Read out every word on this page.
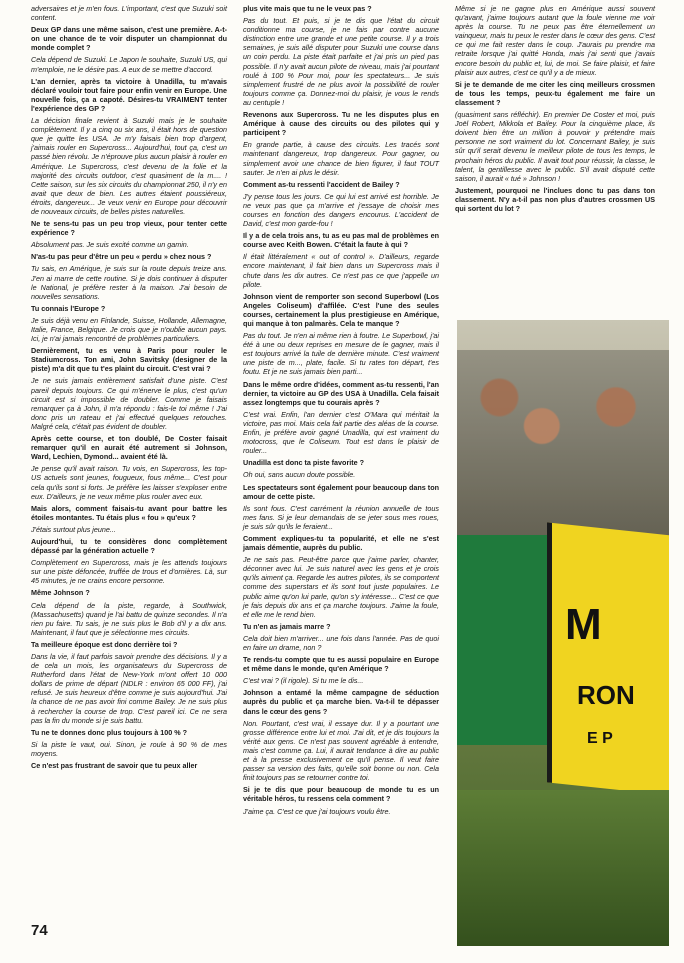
adversaires et je m'en fous. L'important, c'est que Suzuki soit content.

Deux GP dans une même saison, c'est une première. A-t-on une chance de te voir disputer un championnat du monde complet ?

Cela dépend de Suzuki. Le Japon le souhaite, Suzuki US, qui m'emploie, ne le désire pas. A eux de se mettre d'accord.

L'an dernier, après ta victoire à Unadilla, tu m'avais déclaré vouloir tout faire pour enfin venir en Europe. Une nouvelle fois, ça a capoté. Désires-tu VRAIMENT tenter l'expérience des GP ?

La décision finale revient à Suzuki mais je le souhaite complètement. Il y a cinq ou six ans, il était hors de question que je quitte les USA. Je m'y faisais bien trop d'argent, j'aimais rouler en Supercross... Aujourd'hui, tout ça, c'est un passé bien révolu. Je n'éprouve plus aucun plaisir à rouler en Amérique. Le Supercross, c'est devenu de la folie et la majorité des circuits outdoor, c'est quasiment de la m.... ! Cette saison, sur les six circuits du championnat 250, il n'y en avait que deux de bien. Les autres étaient poussiéreux, étroits, dangereux... Je veux venir en Europe pour découvrir de nouveaux circuits, de belles pistes naturelles.

Ne te sens-tu pas un peu trop vieux, pour tenter cette expérience ?

Absolument pas. Je suis excité comme un gamin.

N'as-tu pas peur d'être un peu « perdu » chez nous ?

Tu sais, en Amérique, je suis sur la route depuis treize ans. J'en ai marre de cette routine. Si je dois continuer à disputer le National, je préfère rester à la maison. J'ai besoin de nouvelles sensations.

Tu connais l'Europe ?

Je suis déjà venu en Finlande, Suisse, Hollande, Allemagne, Italie, France, Belgique. Je crois que je n'oublie aucun pays. Ici, je n'ai jamais rencontré de problèmes particuliers.

Dernièrement, tu es venu à Paris pour rouler le Stadiumcross. Ton ami, John Savitsky (designer de la piste) m'a dit que tu t'es plaint du circuit. C'est vrai ?

Je ne suis jamais entièrement satisfait d'une piste. C'est pareil depuis toujours. Ce qui m'énerve le plus, c'est qu'un circuit est si impossible de doubler. Comme je faisais remarquer ça à John, il m'a répondu : fais-le toi même ! J'ai donc pris un rateau et j'ai effectué quelques retouches. Malgré cela, c'était pas évident de doubler.

Après cette course, et ton doublé, De Coster faisait remarquer qu'il en aurait été autrement si Johnson, Ward, Lechien, Dymond... avaient été là.

Je pense qu'il avait raison. Tu vois, en Supercross, les top-US actuels sont jeunes, fougueux, fous même... C'est pour cela qu'ils sont si forts. Je préfère les laisser s'exploser entre eux. D'ailleurs, je ne veux même plus rouler avec eux.

Mais alors, comment faisais-tu avant pour battre les étoiles montantes. Tu étais plus « fou » qu'eux ?

J'étais surtout plus jeune...

Aujourd'hui, tu te considères donc complètement dépassé par la génération actuelle ?

Complètement en Supercross, mais je les attends toujours sur une piste défoncée, truffée de trous et d'ornières. Là, sur 45 minutes, je ne crains encore personne.

Même Johnson ?

Cela dépend de la piste, regarde, à Southwick, (Massachusetts) quand je l'ai battu de quinze secondes. Il n'a rien pu faire. Tu sais, je ne suis plus le Bob d'il y a dix ans. Maintenant, il faut que je sélectionne mes circuits.

Ta meilleure époque est donc derrière toi ?

Dans la vie, il faut parfois savoir prendre des décisions. Il y a de cela un mois, les organisateurs du Supercross de Rutherford dans l'état de New-York m'ont offert 10 000 dollars de prime de départ (NDLR : environ 65 000 FF), j'ai refusé. Je suis heureux d'être comme je suis aujourd'hui. J'ai la chance de ne pas avoir fini comme Bailey. Je ne suis plus à rechercher la course de trop. C'est pareil ici. Ce ne sera pas la fin du monde si je suis battu.

Tu ne te donnes donc plus toujours à 100 % ?

Si la piste le vaut, oui. Sinon, je roule à 90 % de mes moyens.

Ce n'est pas frustrant de savoir que tu peux aller

plus vite mais que tu ne le veux pas ?

Pas du tout. Et puis, si je te dis que l'état du circuit conditionne ma course, je ne fais par contre aucune distinction entre une grande et une petite course. Il y a trois semaines, je suis allé disputer pour Suzuki une course dans un coin perdu. La piste était parfaite et j'ai pris un pied pas possible. Il n'y avait aucun pilote de niveau, mais j'ai pourtant roulé à 100 % Pour moi, pour les spectateurs... Je suis simplement frustré de ne plus avoir la possibilité de rouler toujours comme ça. Donnez-moi du plaisir, je vous le rends au centuple !

Revenons aux Supercross. Tu ne les disputes plus en Amérique à cause des circuits ou des pilotes qui y participent ?

En grande partie, à cause des circuits. Les tracés sont maintenant dangereux, trop dangereux. Pour gagner, ou simplement avoir une chance de bien figurer, il faut TOUT sauter. Je n'en ai plus le désir.

Comment as-tu ressenti l'accident de Bailey ?

J'y pense tous les jours. Ce qui lui est arrivé est horrible. Je ne veux pas que ça m'arrive et j'essaye de choisir mes courses en fonction des dangers encourus. L'accident de David, c'est mon garde-fou !

Il y a de cela trois ans, tu as eu pas mal de problèmes en course avec Keith Bowen. C'était la faute à qui ?

Il était littéralement « out of control ». D'ailleurs, regarde encore maintenant, il fait bien dans un Supercross mais il chute dans les dix autres. Ce n'est pas ce que j'appelle un pilote.

Johnson vient de remporter son second Superbowl (Los Angeles Coliseum) d'affilée. C'est l'une des seules courses, certainement la plus prestigieuse en Amérique, qui manque à ton palmarès. Cela te manque ?

Pas du tout. Je n'en ai même rien à foutre. Le Superbowl, j'ai été à une ou deux reprises en mesure de le gagner, mais il est toujours arrivé la tuile de dernière minute. C'est vraiment une piste de m..., plate, facile. Si tu rates ton départ, t'es foutu. Et je ne suis jamais bien parti...

Dans le même ordre d'idées, comment as-tu ressenti, l'an dernier, ta victoire au GP des USA à Unadilla. Cela faisait assez longtemps que tu courais après ?

C'est vrai. Enfin, l'an dernier c'est O'Mara qui méritait la victoire, pas moi. Mais cela fait partie des aléas de la course. Enfin, je préfère avoir gagné Unadilla, qui est vraiment du motocross, que le Coliseum. Tout est dans le plaisir de rouler...

Unadilla est donc ta piste favorite ?

Oh oui, sans aucun doute possible.

Les spectateurs sont également pour beaucoup dans ton amour de cette piste.

Ils sont fous. C'est carrément la réunion annuelle de tous mes fans. Si je leur demandais de se jeter sous mes roues, je suis sûr qu'ils le feraient...

Comment expliques-tu ta popularité, et elle ne s'est jamais démentie, auprès du public.

Je ne sais pas. Peut-être parce que j'aime parler, chanter, déconner avec lui. Je suis naturel avec les gens et je crois qu'ils aiment ça. Regarde les autres pilotes, ils se comportent comme des superstars et ils sont tout juste populaires. Le public aime qu'on lui parle, qu'on s'y intéresse... C'est ce que je fais depuis dix ans et ça marche toujours. J'aime la foule, et elle me le rend bien.

Tu n'en as jamais marre ?

Cela doit bien m'arriver... une fois dans l'année. Pas de quoi en faire un drame, non ?

Te rends-tu compte que tu es aussi populaire en Europe et même dans le monde, qu'en Amérique ?

C'est vrai ? (il rigole). Si tu me le dis...

Johnson a entamé la même campagne de séduction auprès du public et ça marche bien. Va-t-il te dépasser dans le cœur des gens ?

Non. Pourtant, c'est vrai, il essaye dur. Il y a pourtant une grosse différence entre lui et moi. J'ai dit, et je dis toujours la vérité aux gens. Ce n'est pas souvent agréable à entendre, mais c'est comme ça. Lui, il aurait tendance à dire au public et à la presse exclusivement ce qu'il pense. Il veut faire passer sa version des faits, qu'elle soit bonne ou non. Cela finit toujours pas se retourner contre toi.

Si je te dis que pour beaucoup de monde tu es un véritable héros, tu ressens cela comment ?

J'aime ça. C'est ce que j'ai toujours voulu être.

Même si je ne gagne plus en Amérique aussi souvent qu'avant, j'aime toujours autant que la foule vienne me voir après la course. Tu ne peux pas être éternellement un vainqueur, mais tu peux le rester dans le cœur des gens. C'est ce qui me fait rester dans le coup. J'aurais pu prendre ma retraite lorsque j'ai quitté Honda, mais j'ai senti que j'avais encore besoin du public et, lui, de moi. Se faire plaisir, et faire plaisir aux autres, c'est ce qu'il y a de mieux.

Si je te demande de me citer les cinq meilleurs crossmen de tous les temps, peux-tu également me faire un classement ?

(quasiment sans réfléchir). En premier De Coster et moi, puis Joël Robert, Mikkola et Bailey. Pour la cinquième place, ils doivent bien être un million à pouvoir y prétendre mais personne ne sort vraiment du lot. Concernant Bailey, je suis sûr qu'il serait devenu le meilleur pilote de tous les temps, le prochain héros du public. Il avait tout pour réussir, la classe, le talent, la gentillesse avec le public. S'il avait disputé cette saison, il aurait « tué » Johnson !

Justement, pourquoi ne l'inclues donc tu pas dans ton classement. N'y a-t-il pas non plus d'autres crossmen US qui sortent du lot ?

M
RON
E P
74
